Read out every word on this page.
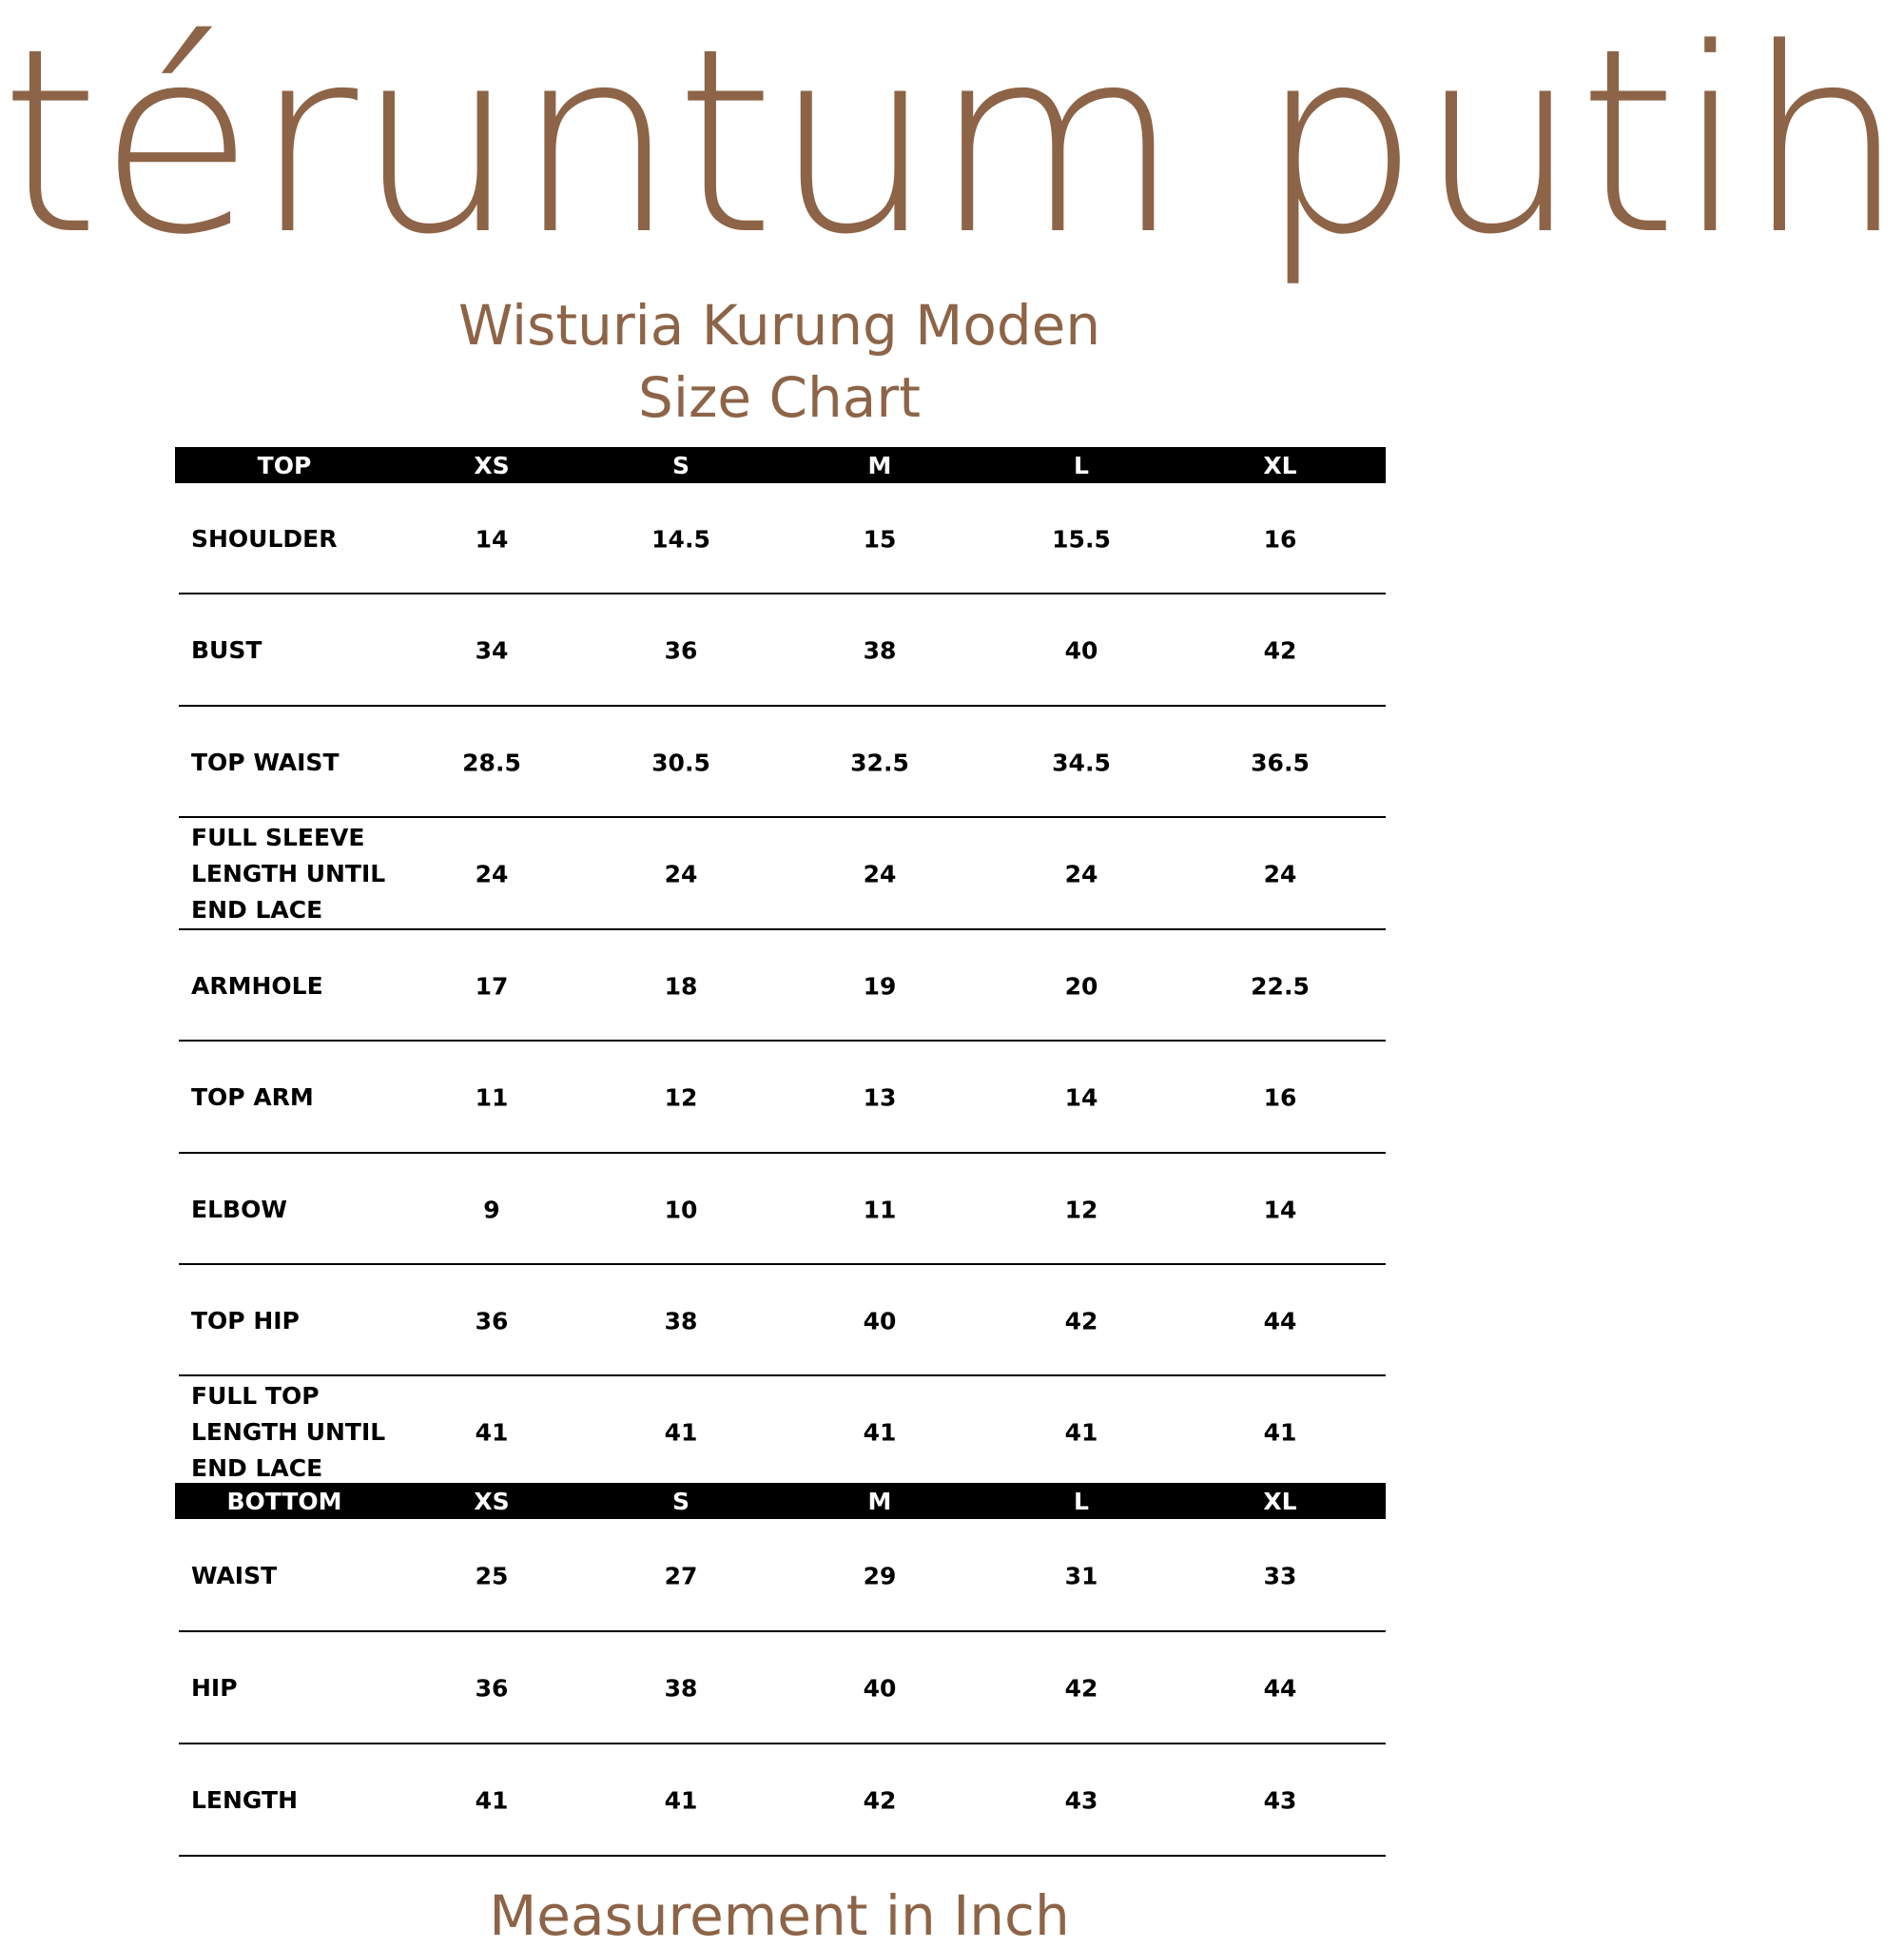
téruntum putih
Wisturia Kurung Moden
Size Chart
TOP	XS	S	M	L	XL
SHOULDER	14	14.5	15	15.5	16
BUST	34	36	38	40	42
TOP WAIST	28.5	30.5	32.5	34.5	36.5
FULL SLEEVE
LENGTH UNTIL
END LACE
24	24	24	24	24
ARMHOLE	17	18	19	20	22.5
TOP ARM	11	12	13	14	16
ELBOW	9	10	11	12	14
TOP HIP	36	38	40	42	44
FULL TOP
LENGTH UNTIL
END LACE
41	41	41	41	41
BOTTOM	XS	S	M	L	XL
WAIST	25	27	29	31	33
HIP	36	38	40	42	44
LENGTH	41	41	42	43	43
Measurement in Inch
